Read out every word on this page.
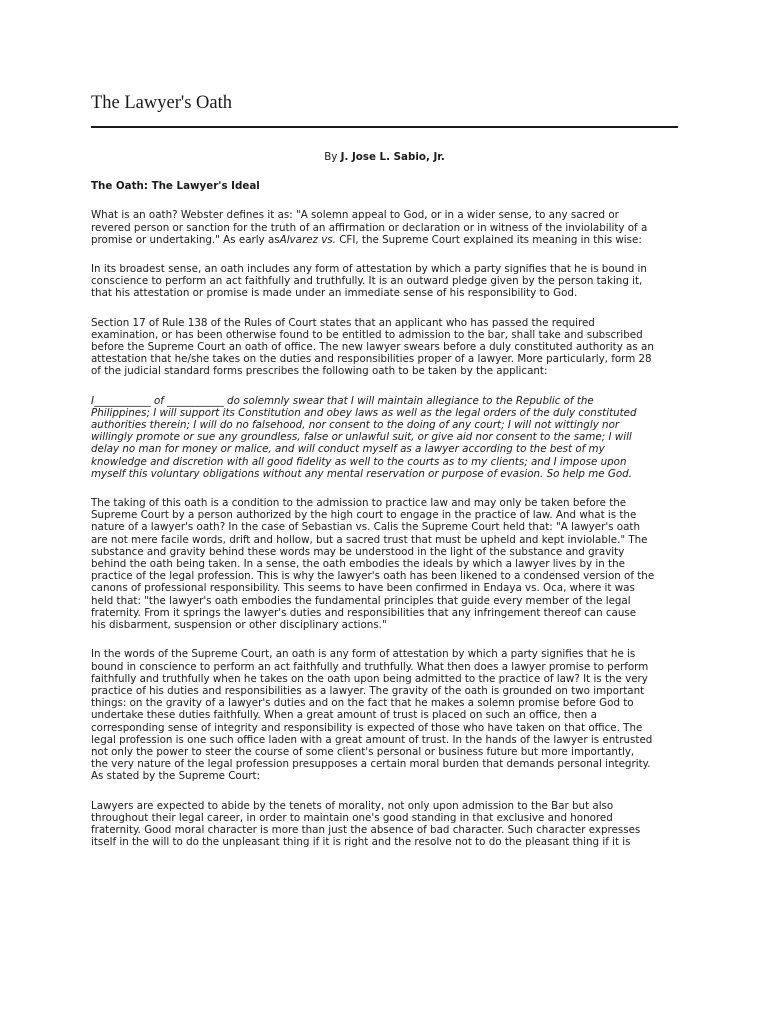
The Lawyer's Oath
By J. Jose L. Sabio, Jr.
The Oath: The Lawyer's Ideal

What is an oath? Webster defines it as: "A solemn appeal to God, or in a wider sense, to any sacred or
revered person or sanction for the truth of an affirmation or declaration or in witness of the inviolability of a
promise or undertaking." As early asAlvarez vs. CFI, the Supreme Court explained its meaning in this wise:

In its broadest sense, an oath includes any form of attestation by which a party signifies that he is bound in
conscience to perform an act faithfully and truthfully. It is an outward pledge given by the person taking it,
that his attestation or promise is made under an immediate sense of his responsibility to God.

Section 17 of Rule 138 of the Rules of Court states that an applicant who has passed the required
examination, or has been otherwise found to be entitled to admission to the bar, shall take and subscribed
before the Supreme Court an oath of office. The new lawyer swears before a duly constituted authority as an
attestation that he/she takes on the duties and responsibilities proper of a lawyer. More particularly, form 28
of the judicial standard forms prescribes the following oath to be taken by the applicant:

I___________ of ___________ do solemnly swear that I will maintain allegiance to the Republic of the
Philippines; I will support its Constitution and obey laws as well as the legal orders of the duly constituted
authorities therein; I will do no falsehood, nor consent to the doing of any court; I will not wittingly nor
willingly promote or sue any groundless, false or unlawful suit, or give aid nor consent to the same; I will
delay no man for money or malice, and will conduct myself as a lawyer according to the best of my
knowledge and discretion with all good fidelity as well to the courts as to my clients; and I impose upon
myself this voluntary obligations without any mental reservation or purpose of evasion. So help me God.

The taking of this oath is a condition to the admission to practice law and may only be taken before the
Supreme Court by a person authorized by the high court to engage in the practice of law. And what is the
nature of a lawyer's oath? In the case of Sebastian vs. Calis the Supreme Court held that: "A lawyer's oath
are not mere facile words, drift and hollow, but a sacred trust that must be upheld and kept inviolable." The
substance and gravity behind these words may be understood in the light of the substance and gravity
behind the oath being taken. In a sense, the oath embodies the ideals by which a lawyer lives by in the
practice of the legal profession. This is why the lawyer's oath has been likened to a condensed version of the
canons of professional responsibility. This seems to have been confirmed in Endaya vs. Oca, where it was
held that: "the lawyer's oath embodies the fundamental principles that guide every member of the legal
fraternity. From it springs the lawyer's duties and responsibilities that any infringement thereof can cause
his disbarment, suspension or other disciplinary actions."

In the words of the Supreme Court, an oath is any form of attestation by which a party signifies that he is
bound in conscience to perform an act faithfully and truthfully. What then does a lawyer promise to perform
faithfully and truthfully when he takes on the oath upon being admitted to the practice of law? It is the very
practice of his duties and responsibilities as a lawyer. The gravity of the oath is grounded on two important
things: on the gravity of a lawyer's duties and on the fact that he makes a solemn promise before God to
undertake these duties faithfully. When a great amount of trust is placed on such an office, then a
corresponding sense of integrity and responsibility is expected of those who have taken on that office. The
legal profession is one such office laden with a great amount of trust. In the hands of the lawyer is entrusted
not only the power to steer the course of some client's personal or business future but more importantly,
the very nature of the legal profession presupposes a certain moral burden that demands personal integrity.
As stated by the Supreme Court:

Lawyers are expected to abide by the tenets of morality, not only upon admission to the Bar but also
throughout their legal career, in order to maintain one's good standing in that exclusive and honored
fraternity. Good moral character is more than just the absence of bad character. Such character expresses
itself in the will to do the unpleasant thing if it is right and the resolve not to do the pleasant thing if it is
